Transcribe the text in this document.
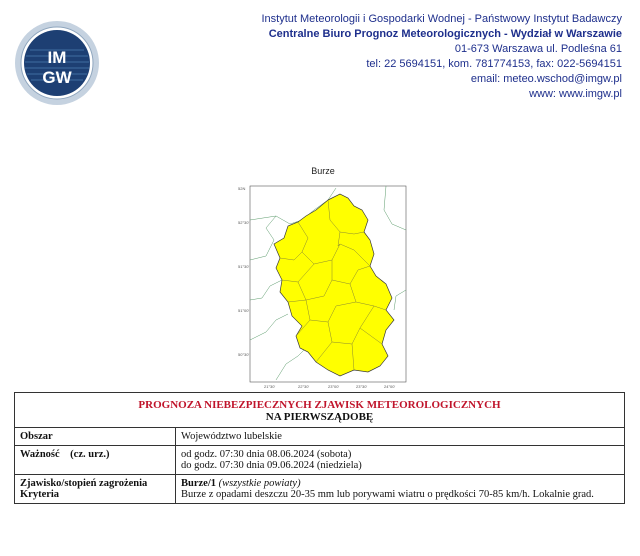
IM
GW
Instytut Meteorologii i Gospodarki Wodnej - Państwowy Instytut Badawczy
Centralne Biuro Prognoz Meteorologicznych - Wydział w Warszawie
01-673 Warszawa ul. Podleśna 61
tel: 22 5694151, kom. 781774153, fax: 022-5694151
email: meteo.wschod@imgw.pl
www: www.imgw.pl
Burze
52N
52°30'
51°30'
51°00'
50°30'
21°30'	22°30'	23°00'	23°30'	24°00'
PROGNOZA NIEBEZPIECZNYCH ZJAWISK METEOROLOGICZNYCH
NA PIERWSZĄDOBĘ	

Obszar	Województwo lubelskie
Ważność (cz. urz.)	od godz. 07:30 dnia 08.06.2024 (sobota)
do godz. 07:30 dnia 09.06.2024 (niedziela)

Zjawisko/stopień zagrożenia
Kryteria	Burze/1 (wszystkie powiaty)
Burze z opadami deszczu 20-35 mm lub porywami wiatru o prędkości 70-85 km/h. Lokalnie grad.
